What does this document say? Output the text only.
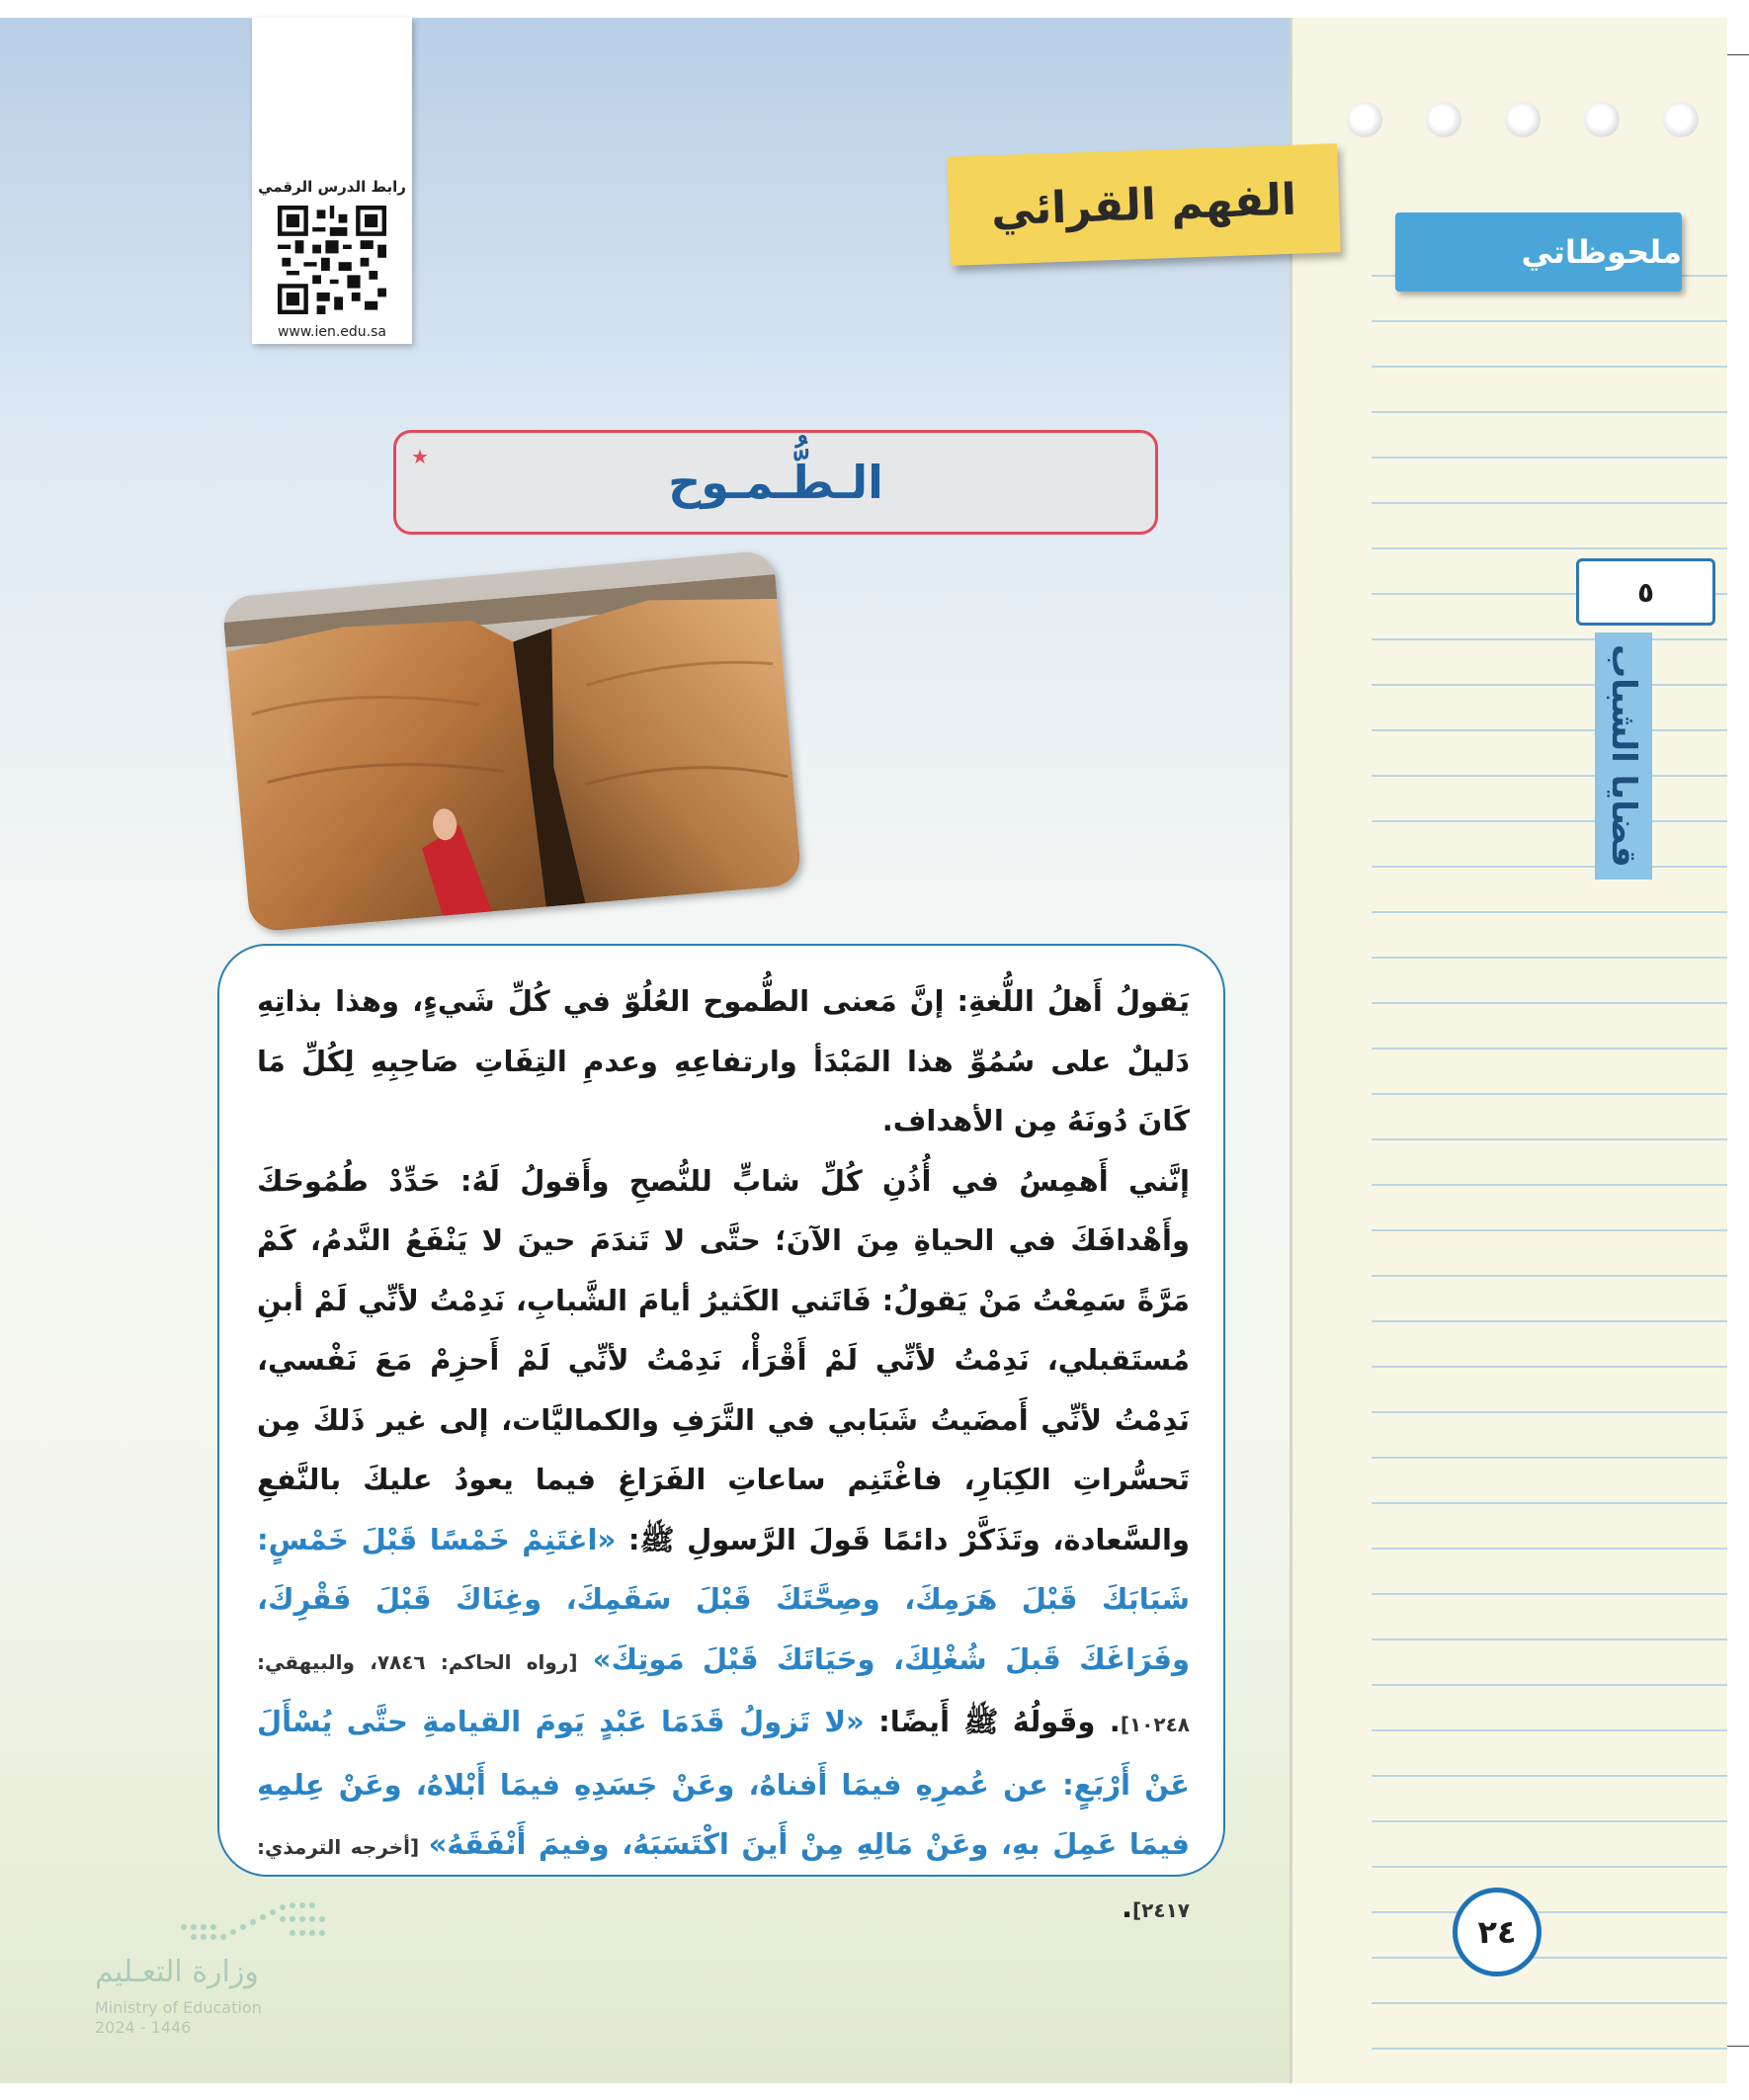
ملحوظاتي
٥
قضايا الشباب
٢٤
رابط الدرس الرقمي
www.ien.edu.sa
الفهم القرائي
الـطُّـمـوح
★

يَقولُ أَهلُ اللُّغةِ: إنَّ مَعنى الطُّموح العُلُوّ في كُلِّ شَيءٍ، وهذا بذاتِهِ دَليلٌ على سُمُوِّ هذا المَبْدَأ وارتفاعِهِ وعدمِ التِفَاتِ صَاحِبِهِ لِكُلِّ مَا كَانَ دُونَهُ مِن الأهداف.

إنَّني أَهمِسُ في أُذُنِ كُلِّ شابٍّ للنُّصحِ وأَقولُ لَهُ: حَدِّدْ طُمُوحَكَ وأَهْدافَكَ في الحياةِ مِنَ الآنَ؛ حتَّى لا تَندَمَ حينَ لا يَنْفَعُ النَّدمُ، كَمْ مَرَّةً سَمِعْتُ مَنْ يَقولُ: فَاتَني الكَثيرُ أيامَ الشَّبابِ، نَدِمْتُ لأنِّي لَمْ أبنِ مُستَقبلي، نَدِمْتُ لأنِّي لَمْ أَقْرَأْ، نَدِمْتُ لأنِّي لَمْ أَحزِمْ مَعَ نَفْسي، نَدِمْتُ لأنِّي أَمضَيتُ شَبَابي في التَّرَفِ والكماليَّات، إلى غير ذَلكَ مِن تَحسُّراتِ الكِبَارِ، فاغْتَنِم ساعاتِ الفَرَاغِ فيما يعودُ عليكَ بالنَّفعِ والسَّعادة، وتَذَكَّرْ دائمًا قَولَ الرَّسولِ ﷺ: «اغتَنِمْ خَمْسًا قَبْلَ خَمْسٍ: شَبَابَكَ قَبْلَ هَرَمِكَ، وصِحَّتَكَ قَبْلَ سَقَمِكَ، وغِنَاكَ قَبْلَ فَقْرِكَ، وفَرَاغَكَ قَبلَ شُغْلِكَ، وحَيَاتَكَ قَبْلَ مَوتِكَ» [رواه الحاكم: ٧٨٤٦، والبيهقي: ١٠٢٤٨]. وقَولُهُ ﷺ أَيضًا: «لا تَزولُ قَدَمَا عَبْدٍ يَومَ القيامةِ حتَّى يُسْأَلَ عَنْ أَرْبَعٍ: عن عُمرِهِ فيمَا أَفناهُ، وعَنْ جَسَدِهِ فيمَا أَبْلاهُ، وعَنْ عِلمِهِ فيمَا عَمِلَ بهِ، وعَنْ مَالِهِ مِنْ أَينَ اكْتَسَبَهُ، وفيمَ أَنْفَقَهُ» [أخرجه الترمذي: ٢٤١٧].

وزارة التعـليم
Ministry of Education
2024 - 1446
